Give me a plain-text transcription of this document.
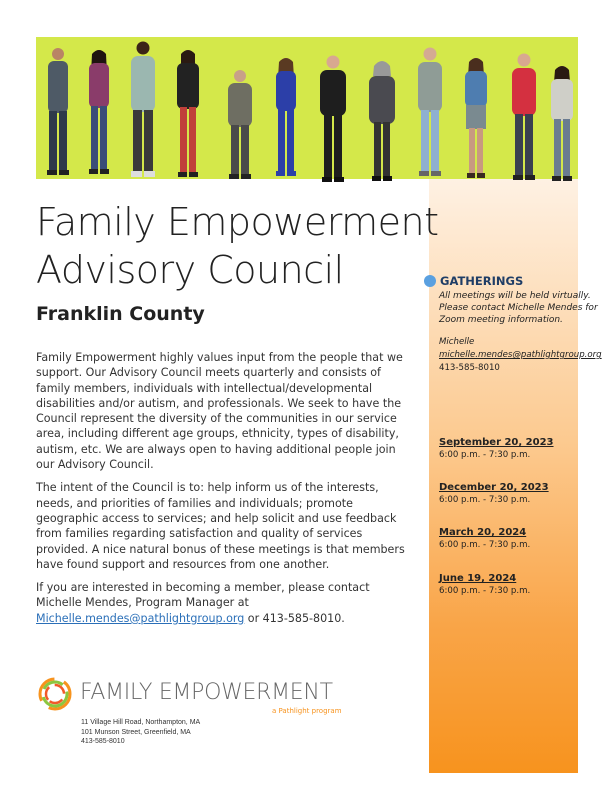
Family Empowerment
Advisory Council
Franklin County

Family Empowerment highly values input from the people that we support. Our Advisory Council meets quarterly and consists of family members, individuals with intellectual/developmental disabilities and/or autism, and professionals. We seek to have the Council represent the diversity of the communities in our service area, including different age groups, ethnicity, types of disability, autism, etc. We are always open to having additional people join our Advisory Council.

The intent of the Council is to: help inform us of the interests, needs, and priorities of families and individuals; promote geographic access to services; and help solicit and use feedback from families regarding satisfaction and quality of services provided. A nice natural bonus of these meetings is that members have found support and resources from one another.

If you are interested in becoming a member, please contact Michelle Mendes, Program Manager at Michelle.mendes@pathlightgroup.org or 413-585-8010.

GATHERINGS
All meetings will be held virtually. Please contact Michelle Mendes for Zoom meeting information.
Michelle
michelle.mendes@pathlightgroup.org
413-585-8010
September 20, 2023
6:00 p.m. - 7:30 p.m.
December 20, 2023
6:00 p.m. - 7:30 p.m.
March 20, 2024
6:00 p.m. - 7:30 p.m.
June 19, 2024
6:00 p.m. - 7:30 p.m.
FAMILY EMPOWERMENT
a Pathlight program
11 Village Hill Road, Northampton, MA
101 Munson Street, Greenfield, MA
413-585-8010
